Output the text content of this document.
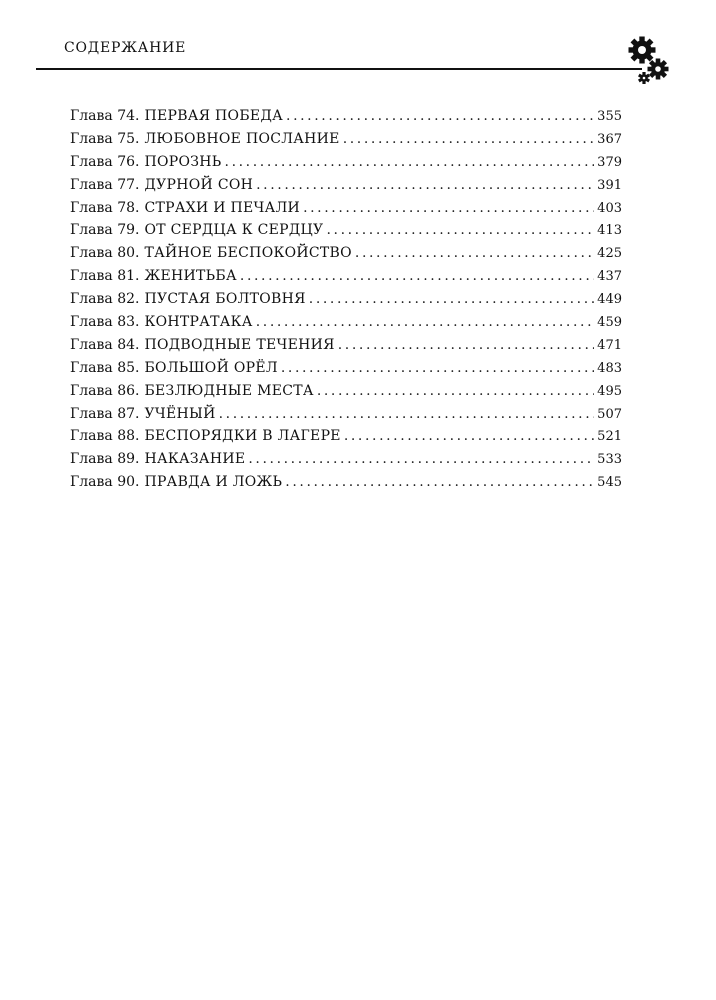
СОДЕРЖАНИЕ
Глава 74. ПЕРВАЯ ПОБЕДА .....	355
Глава 75. ЛЮБОВНОЕ ПОСЛАНИЕ .....	367
Глава 76. ПОРОЗНЬ .....	379
Глава 77. ДУРНОЙ СОН .....	391
Глава 78. СТРАХИ И ПЕЧАЛИ .....	403
Глава 79. ОТ СЕРДЦА К СЕРДЦУ .....	413
Глава 80. ТАЙНОЕ БЕСПОКОЙСТВО .....	425
Глава 81. ЖЕНИТЬБА .....	437
Глава 82. ПУСТАЯ БОЛТОВНЯ .....	449
Глава 83. КОНТРАТАКА .....	459
Глава 84. ПОДВОДНЫЕ ТЕЧЕНИЯ .....	471
Глава 85. БОЛЬШОЙ ОРЁЛ .....	483
Глава 86. БЕЗЛЮДНЫЕ МЕСТА .....	495
Глава 87. УЧЁНЫЙ .....	507
Глава 88. БЕСПОРЯДКИ В ЛАГЕРЕ .....	521
Глава 89. НАКАЗАНИЕ .....	533
Глава 90. ПРАВДА И ЛОЖЬ .....	545
